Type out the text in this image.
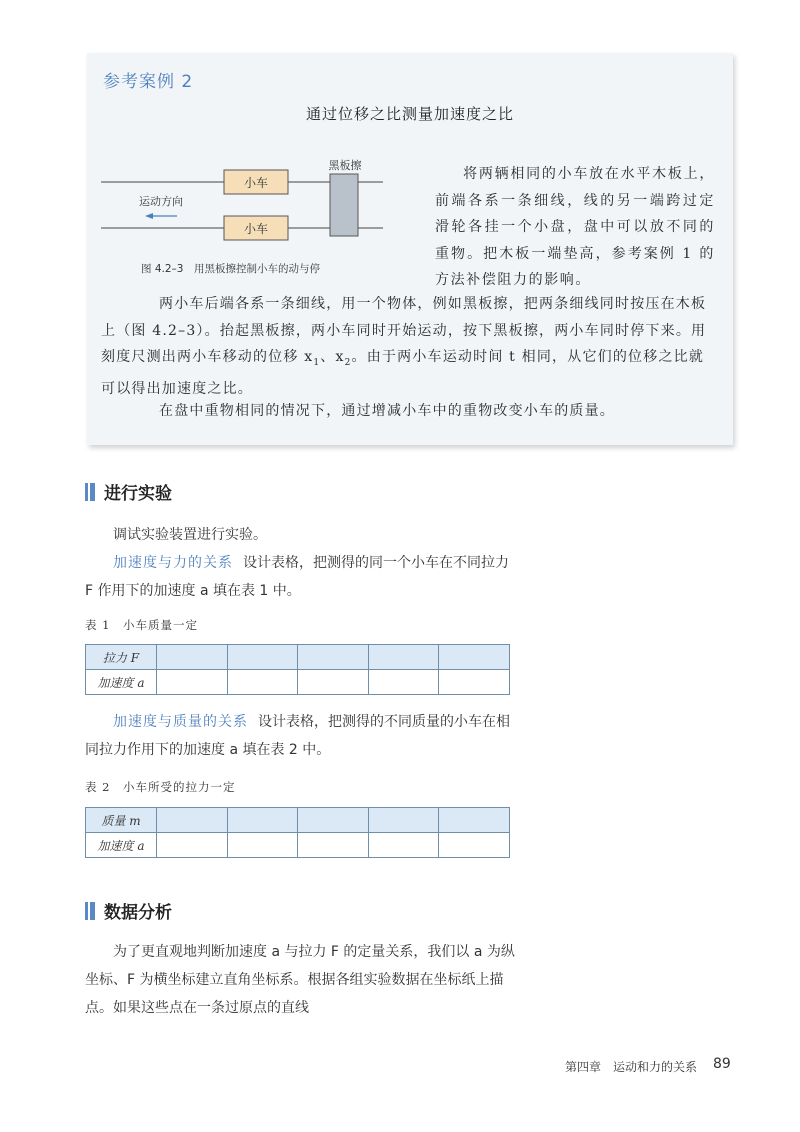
参考案例 2
通过位移之比测量加速度之比
小车
小车
黑板擦
运动方向
图 4.2–3　用黑板擦控制小车的动与停
将两辆相同的小车放在水平木板上，前端各系一条细线，线的另一端跨过定滑轮各挂一个小盘，盘中可以放不同的重物。把木板一端垫高，参考案例 1 的方法补偿阻力的影响。
两小车后端各系一条细线，用一个物体，例如黑板擦，把两条细线同时按压在木板上（图 4.2–3）。抬起黑板擦，两小车同时开始运动，按下黑板擦，两小车同时停下来。用刻度尺测出两小车移动的位移 $x_1$、$x_2$。由于两小车运动时间 t 相同，从它们的位移之比就可以得出加速度之比。
在盘中重物相同的情况下，通过增减小车中的重物改变小车的质量。
进行实验
调试实验装置进行实验。
加速度与力的关系 设计表格，把测得的同一个小车在不同拉力 F 作用下的加速度 a 填在表 1 中。
表 1　小车质量一定
拉力 F					
加速度 a					
加速度与质量的关系 设计表格，把测得的不同质量的小车在相同拉力作用下的加速度 a 填在表 2 中。
表 2　小车所受的拉力一定
质量 m					
加速度 a					
数据分析
为了更直观地判断加速度 a 与拉力 F 的定量关系，我们以 a 为纵坐标、F 为横坐标建立直角坐标系。根据各组实验数据在坐标纸上描点。如果这些点在一条过原点的直线
第四章　运动和力的关系 89
